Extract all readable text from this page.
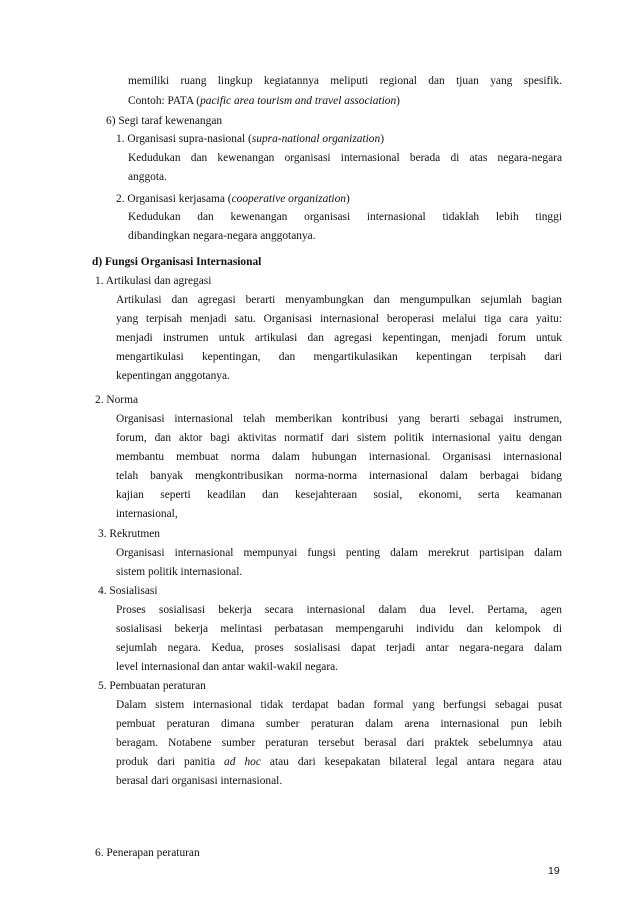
memiliki ruang lingkup kegiatannya meliputi regional dan tjuan yang spesifik.
Contoh: PATA (pacific area tourism and travel association)
6) Segi taraf kewenangan
1. Organisasi supra-nasional (supra-national organization)
Kedudukan dan kewenangan organisasi internasional berada di atas negara-negara
anggota.
2. Organisasi kerjasama (cooperative organization)
Kedudukan dan kewenangan organisasi internasional tidaklah lebih tinggi
dibandingkan negara-negara anggotanya.
d) Fungsi Organisasi Internasional
1. Artikulasi dan agregasi
Artikulasi dan agregasi berarti menyambungkan dan mengumpulkan sejumlah bagian
yang terpisah menjadi satu. Organisasi internasional beroperasi melalui tiga cara yaitu:
menjadi instrumen untuk artikulasi dan agregasi kepentingan, menjadi forum untuk
mengartikulasi kepentingan, dan mengartikulasikan kepentingan terpisah dari
kepentingan anggotanya.
2. Norma
Organisasi internasional telah memberikan kontribusi yang berarti sebagai instrumen,
forum, dan aktor bagi aktivitas normatif dari sistem politik internasional yaitu dengan
membantu membuat norma dalam hubungan internasional. Organisasi internasional
telah banyak mengkontribusikan norma-norma internasional dalam berbagai bidang
kajian seperti keadilan dan kesejahteraan sosial, ekonomi, serta keamanan
internasional,
3. Rekrutmen
Organisasi internasional mempunyai fungsi penting dalam merekrut partisipan dalam
sistem politik internasional.
4. Sosialisasi
Proses sosialisasi bekerja secara internasional dalam dua level. Pertama, agen
sosialisasi bekerja melintasi perbatasan mempengaruhi individu dan kelompok di
sejumlah negara. Kedua, proses sosialisasi dapat terjadi antar negara-negara dalam
level internasional dan antar wakil-wakil negara.
5. Pembuatan peraturan
Dalam sistem internasional tidak terdapat badan formal yang berfungsi sebagai pusat
pembuat peraturan dimana sumber peraturan dalam arena internasional pun lebih
beragam. Notabene sumber peraturan tersebut berasal dari praktek sebelumnya atau
produk dari panitia ad hoc atau dari kesepakatan bilateral legal antara negara atau
berasal dari organisasi internasional.
6. Penerapan peraturan
19
